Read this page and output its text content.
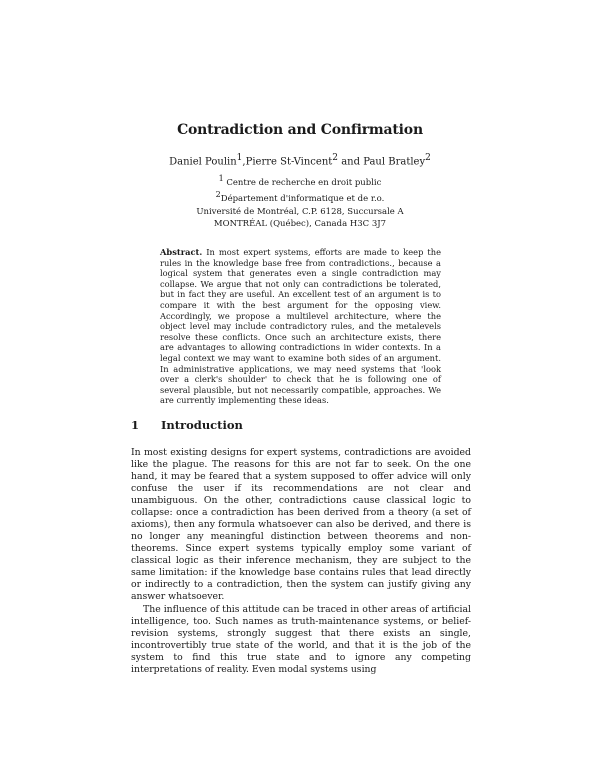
Contradiction and Confirmation
Daniel Poulin$^1$,Pierre St-Vincent$^2$ and Paul Bratley$^2$
$^1$ Centre de recherche en droit public
$^2$Département d'informatique et de r.o.
Université de Montréal, C.P. 6128, Succursale A
MONTRÉAL (Québec), Canada H3C 3J7
Abstract. In most expert systems, efforts are made to keep the rules in the knowledge base free from contradictions., because a logical system that generates even a single contradiction may collapse. We argue that not only can contradictions be tolerated, but in fact they are useful. An excellent test of an argument is to compare it with the best argument for the opposing view. Accordingly, we propose a multilevel architecture, where the object level may include contradictory rules, and the metalevels resolve these conflicts. Once such an architecture exists, there are advantages to allowing contradictions in wider contexts. In a legal context we may want to examine both sides of an argument. In administrative applications, we may need systems that 'look over a clerk's shoulder' to check that he is following one of several plausible, but not necessarily compatible, approaches. We are currently implementing these ideas.
1 Introduction

In most existing designs for expert systems, contradictions are avoided like the plague. The reasons for this are not far to seek. On the one hand, it may be feared that a system supposed to offer advice will only confuse the user if its recommendations are not clear and unambiguous. On the other, contradictions cause classical logic to collapse: once a contradiction has been derived from a theory (a set of axioms), then any formula whatsoever can also be derived, and there is no longer any meaningful distinction between theorems and non-theorems. Since expert systems typically employ some variant of classical logic as their inference mechanism, they are subject to the same limitation: if the knowledge base contains rules that lead directly or indirectly to a contradiction, then the system can justify giving any answer whatsoever.

The influence of this attitude can be traced in other areas of artificial intelligence, too. Such names as truth-maintenance systems, or belief-revision systems, strongly suggest that there exists an single, incontrovertibly true state of the world, and that it is the job of the system to find this true state and to ignore any competing interpretations of reality. Even modal systems using
